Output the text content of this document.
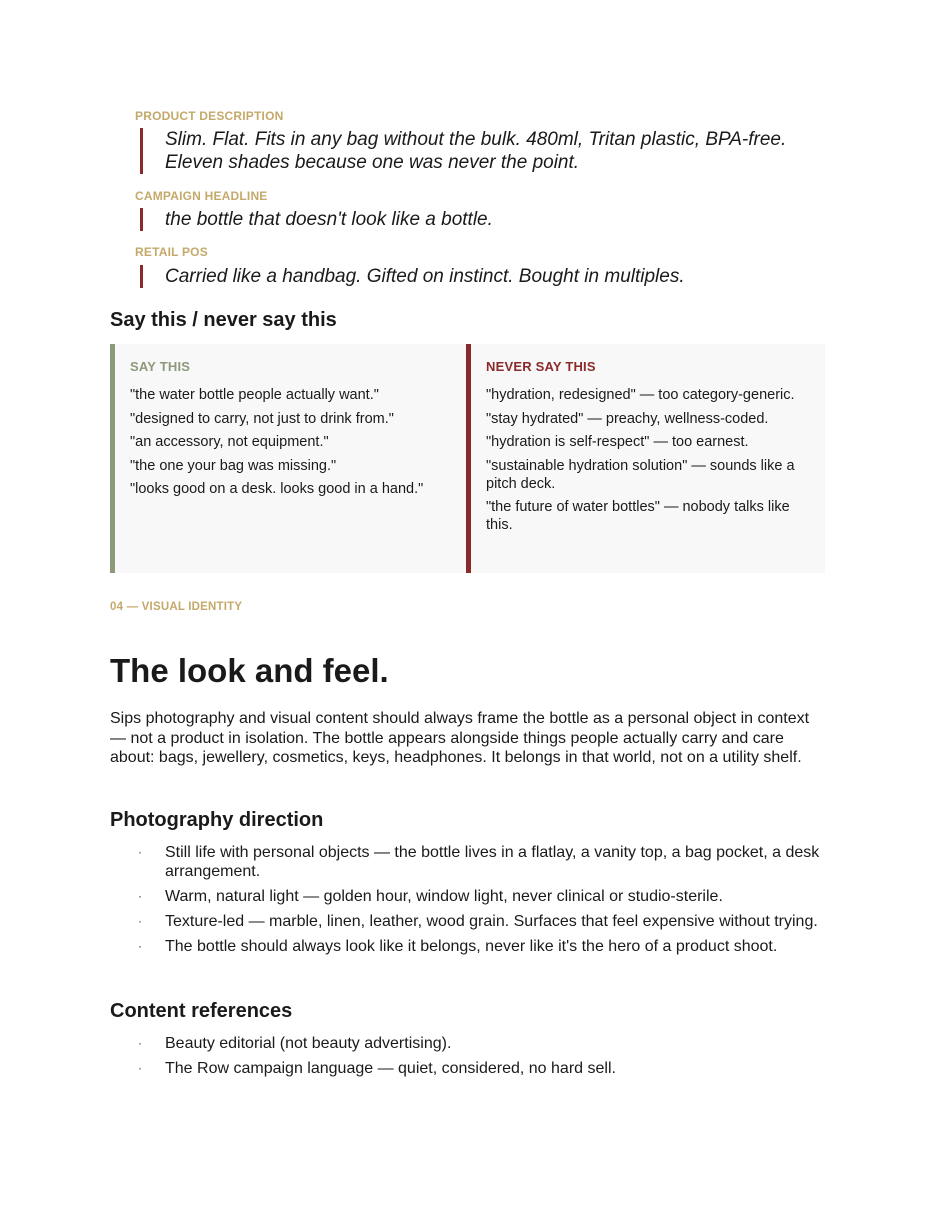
PRODUCT DESCRIPTION
Slim. Flat. Fits in any bag without the bulk. 480ml, Tritan plastic, BPA-free. Eleven shades because one was never the point.
CAMPAIGN HEADLINE
the bottle that doesn't look like a bottle.
RETAIL POS
Carried like a handbag. Gifted on instinct. Bought in multiples.
Say this / never say this
SAY THIS
"the water bottle people actually want."
"designed to carry, not just to drink from."
"an accessory, not equipment."
"the one your bag was missing."
"looks good on a desk. looks good in a hand."
NEVER SAY THIS
"hydration, redesigned" — too category-generic.
"stay hydrated" — preachy, wellness-coded.
"hydration is self-respect" — too earnest.
"sustainable hydration solution" — sounds like a pitch deck.
"the future of water bottles" — nobody talks like this.
04 — VISUAL IDENTITY
The look and feel.

Sips photography and visual content should always frame the bottle as a personal object in context — not a product in isolation. The bottle appears alongside things people actually carry and care about: bags, jewellery, cosmetics, keys, headphones. It belongs in that world, not on a utility shelf.

Photography direction
· Still life with personal objects — the bottle lives in a flatlay, a vanity top, a bag pocket, a desk arrangement.
· Warm, natural light — golden hour, window light, never clinical or studio-sterile.
· Texture-led — marble, linen, leather, wood grain. Surfaces that feel expensive without trying.
· The bottle should always look like it belongs, never like it's the hero of a product shoot.
Content references
· Beauty editorial (not beauty advertising).
· The Row campaign language — quiet, considered, no hard sell.
